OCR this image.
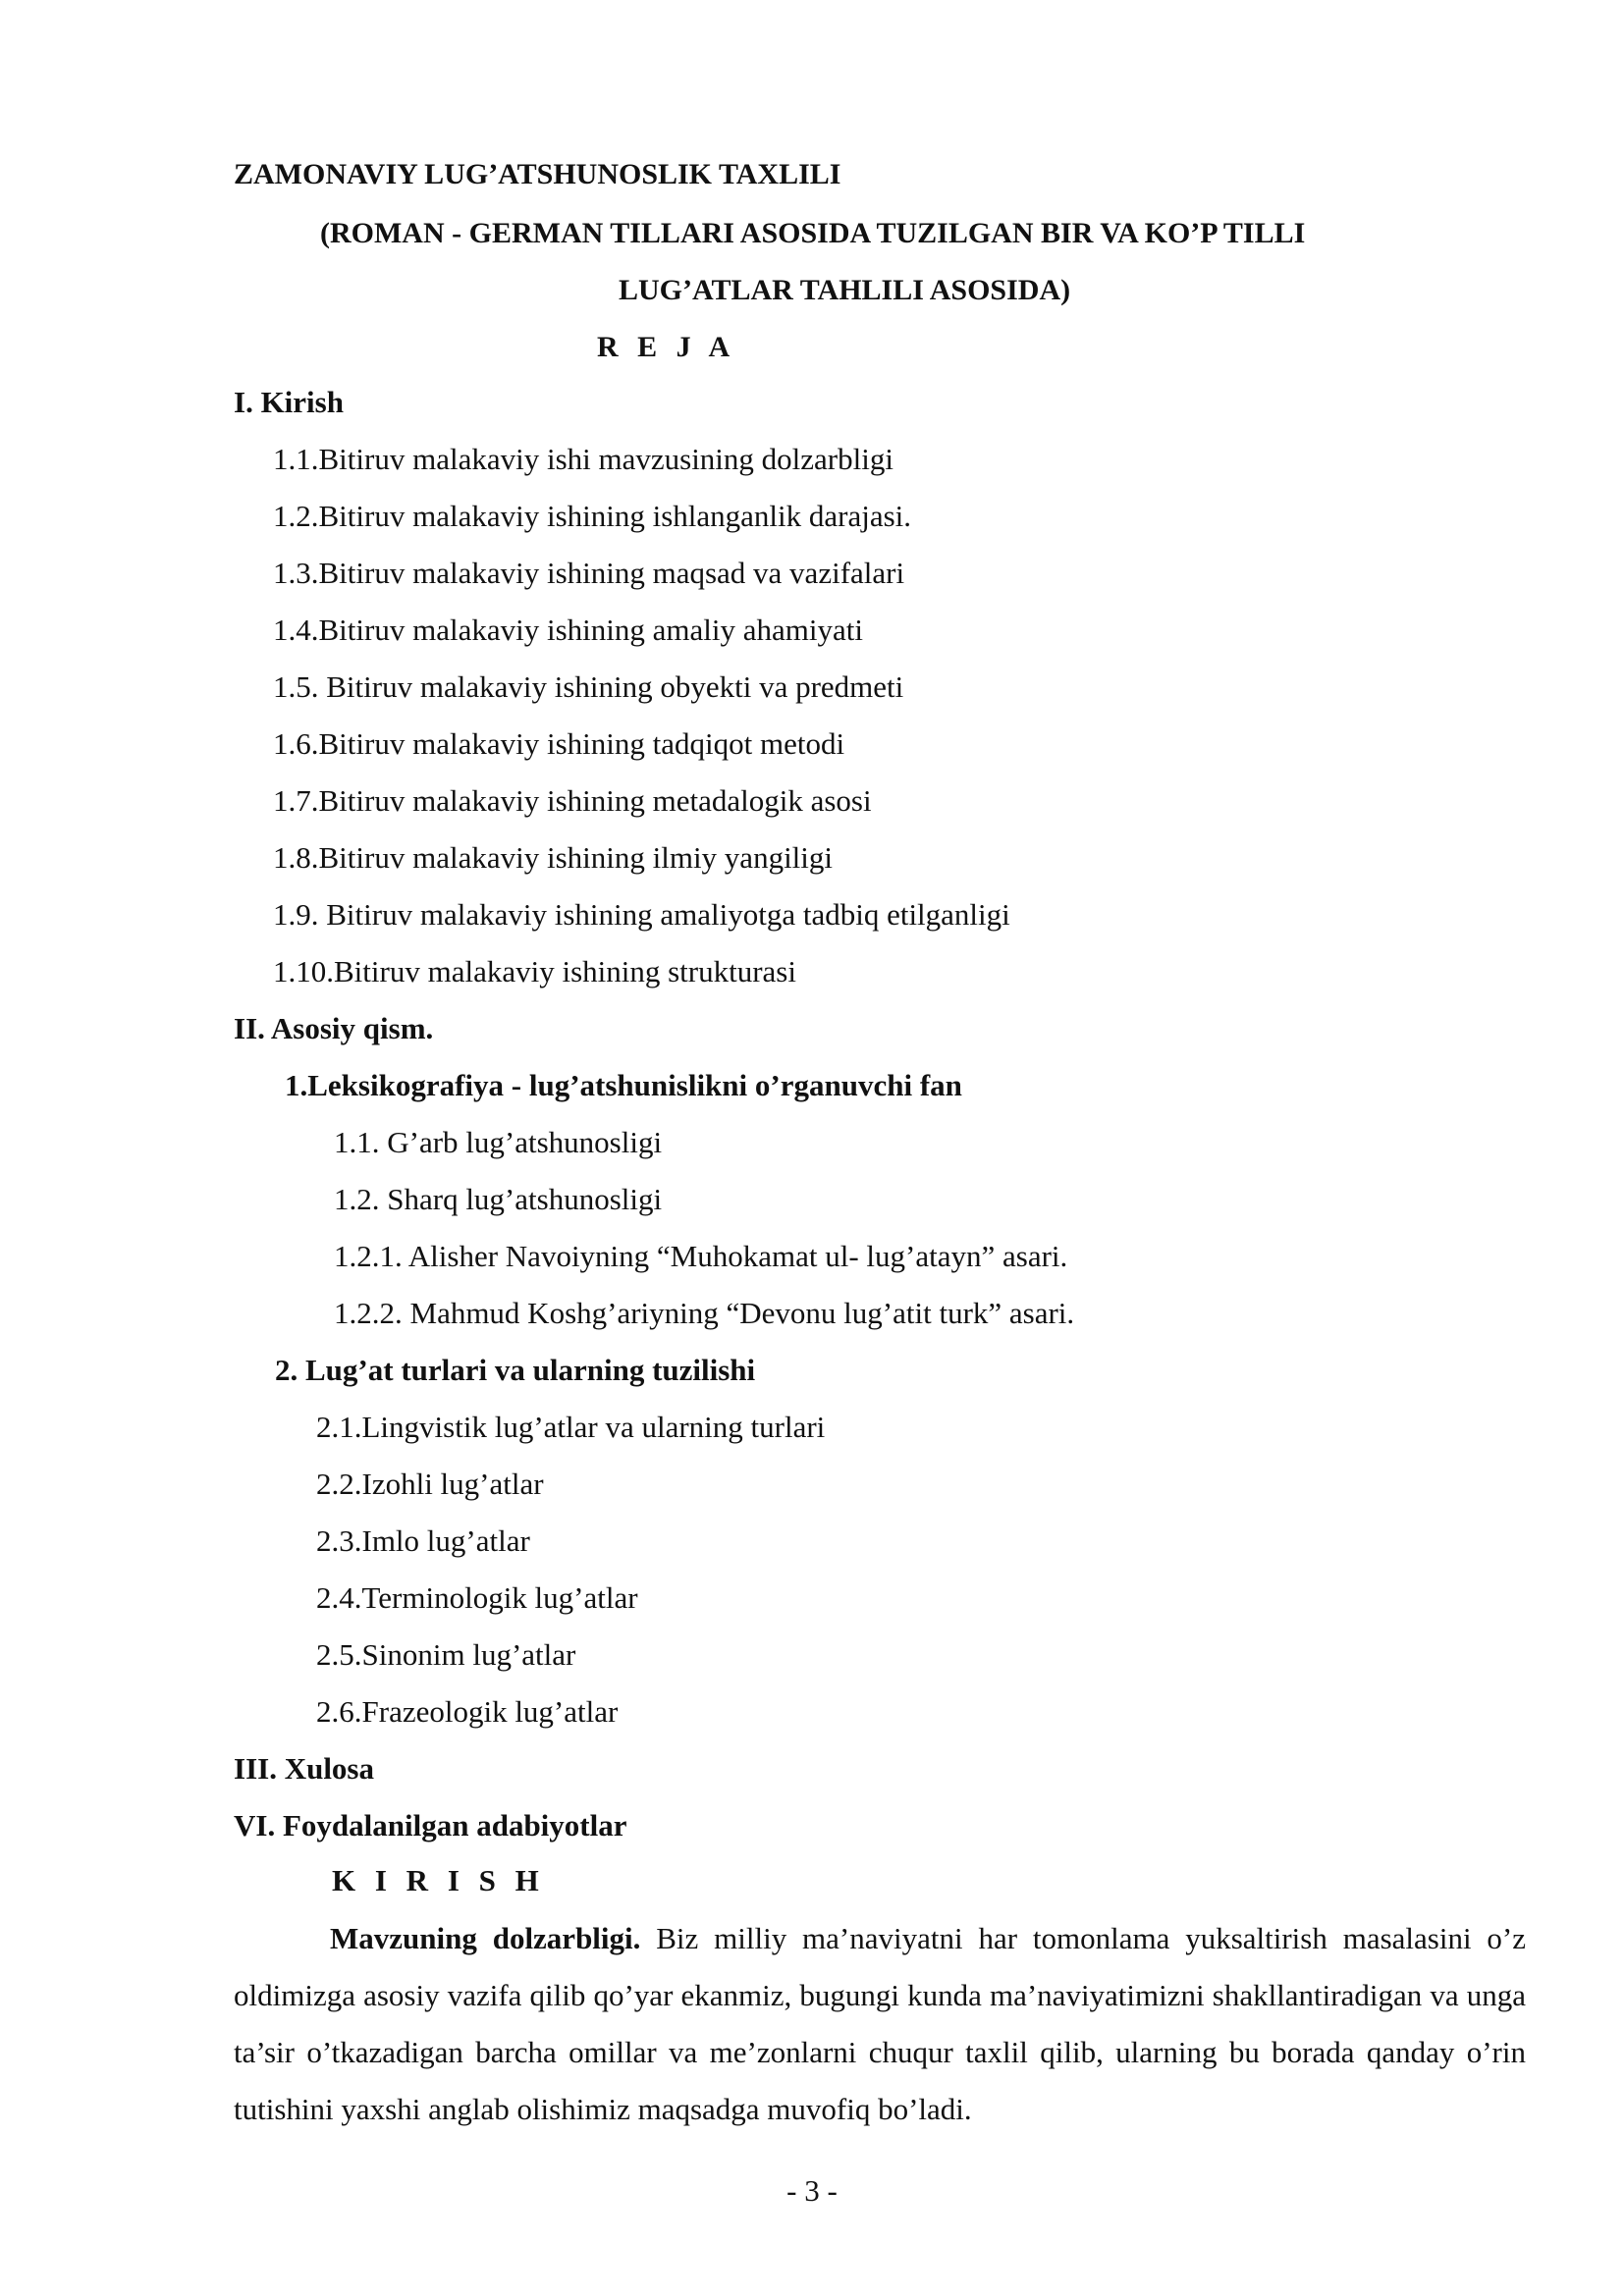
ZAMONAVIY LUG’ATSHUNOSLIK TAXLILI
(ROMAN - GERMAN TILLARI ASOSIDA TUZILGAN BIR VA KO’P TILLI
LUG’ATLAR TAHLILI ASOSIDA)
R E J A
I. Kirish
1.1.Bitiruv malakaviy ishi mavzusining dolzarbligi
1.2.Bitiruv malakaviy ishining ishlanganlik darajasi.
1.3.Bitiruv malakaviy ishining maqsad va vazifalari
1.4.Bitiruv malakaviy ishining amaliy ahamiyati
1.5. Bitiruv malakaviy ishining obyekti va predmeti
1.6.Bitiruv malakaviy ishining tadqiqot metodi
1.7.Bitiruv malakaviy ishining metadalogik asosi
1.8.Bitiruv malakaviy ishining ilmiy yangiligi
1.9. Bitiruv malakaviy ishining amaliyotga tadbiq etilganligi
1.10.Bitiruv malakaviy ishining strukturasi
II. Asosiy qism.
1.Leksikografiya - lug’atshunislikni o’rganuvchi fan
1.1. G’arb lug’atshunosligi
1.2. Sharq lug’atshunosligi
1.2.1. Alisher Navoiyning “Muhokamat ul- lug’atayn” asari.
1.2.2. Mahmud Koshg’ariyning “Devonu lug’atit turk” asari.
2. Lug’at turlari va ularning tuzilishi
2.1.Lingvistik lug’atlar va ularning turlari
2.2.Izohli lug’atlar
2.3.Imlo lug’atlar
2.4.Terminologik lug’atlar
2.5.Sinonim lug’atlar
2.6.Frazeologik lug’atlar
III. Xulosa
VI. Foydalanilgan adabiyotlar
K I R I S H
Mavzuning dolzarbligi. Biz milliy ma’naviyatni har tomonlama yuksaltirish masalasini o’z oldimizga asosiy vazifa qilib qo’yar ekanmiz, bugungi kunda ma’naviyatimizni shakllantiradigan va unga ta’sir o’tkazadigan barcha omillar va me’zonlarni chuqur taxlil qilib, ularning bu borada qanday o’rin tutishini yaxshi anglab olishimiz maqsadga muvofiq bo’ladi.
- 3 -
